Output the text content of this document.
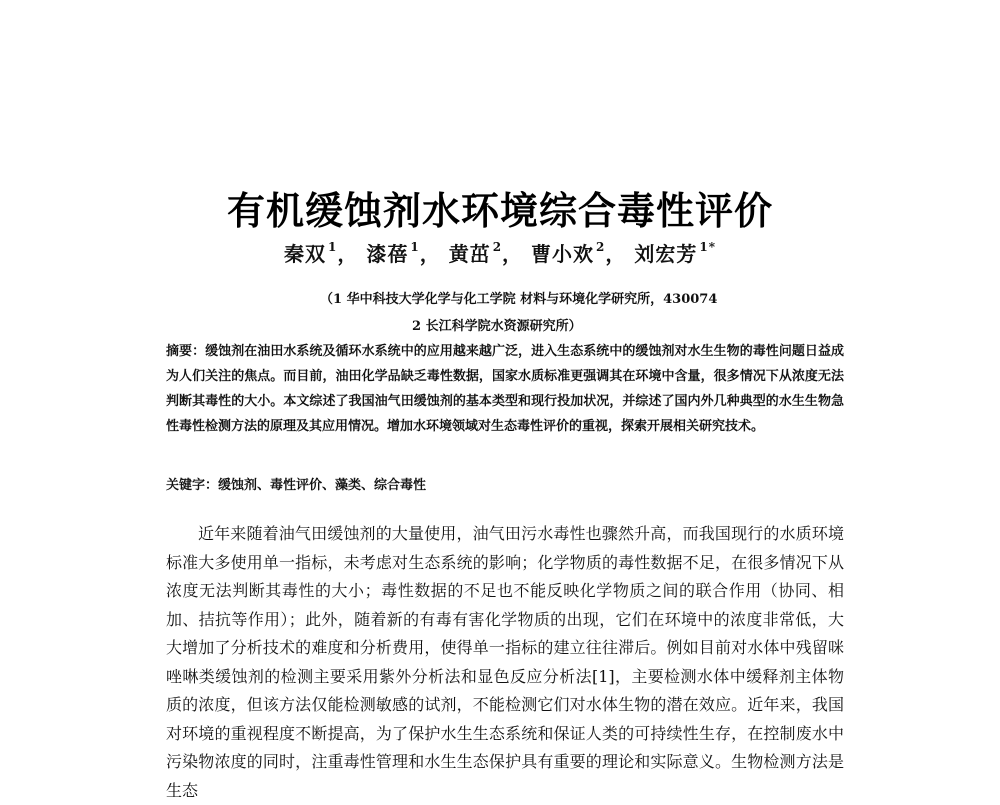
有机缓蚀剂水环境综合毒性评价
秦双 $^1$， 漆蓓 $^1$， 黄茁 $^2$， 曹小欢 $^2$， 刘宏芳 $^{1*}$
（1 华中科技大学化学与化工学院 材料与环境化学研究所，430074
2 长江科学院水资源研究所）
摘要：缓蚀剂在油田水系统及循环水系统中的应用越来越广泛，进入生态系统中的缓蚀剂对水生生物的毒性问题日益成为人们关注的焦点。而目前，油田化学品缺乏毒性数据，国家水质标准更强调其在环境中含量，很多情况下从浓度无法判断其毒性的大小。本文综述了我国油气田缓蚀剂的基本类型和现行投加状况，并综述了国内外几种典型的水生生物急性毒性检测方法的原理及其应用情况。增加水环境领域对生态毒性评价的重视，探索开展相关研究技术。
关键字：缓蚀剂、毒性评价、藻类、综合毒性
近年来随着油气田缓蚀剂的大量使用，油气田污水毒性也骤然升高，而我国现行的水质环境标准大多使用单一指标，未考虑对生态系统的影响；化学物质的毒性数据不足，在很多情况下从浓度无法判断其毒性的大小；毒性数据的不足也不能反映化学物质之间的联合作用（协同、相加、拮抗等作用）；此外，随着新的有毒有害化学物质的出现，它们在环境中的浓度非常低，大大增加了分析技术的难度和分析费用，使得单一指标的建立往往滞后。例如目前对水体中残留咪唑啉类缓蚀剂的检测主要采用紫外分析法和显色反应分析法[1]，主要检测水体中缓释剂主体物质的浓度，但该方法仅能检测敏感的试剂，不能检测它们对水体生物的潜在效应。近年来，我国对环境的重视程度不断提高，为了保护水生生态系统和保证人类的可持续性生存，在控制废水中污染物浓度的同时，注重毒性管理和水生生态保护具有重要的理论和实际意义。生物检测方法是生态
